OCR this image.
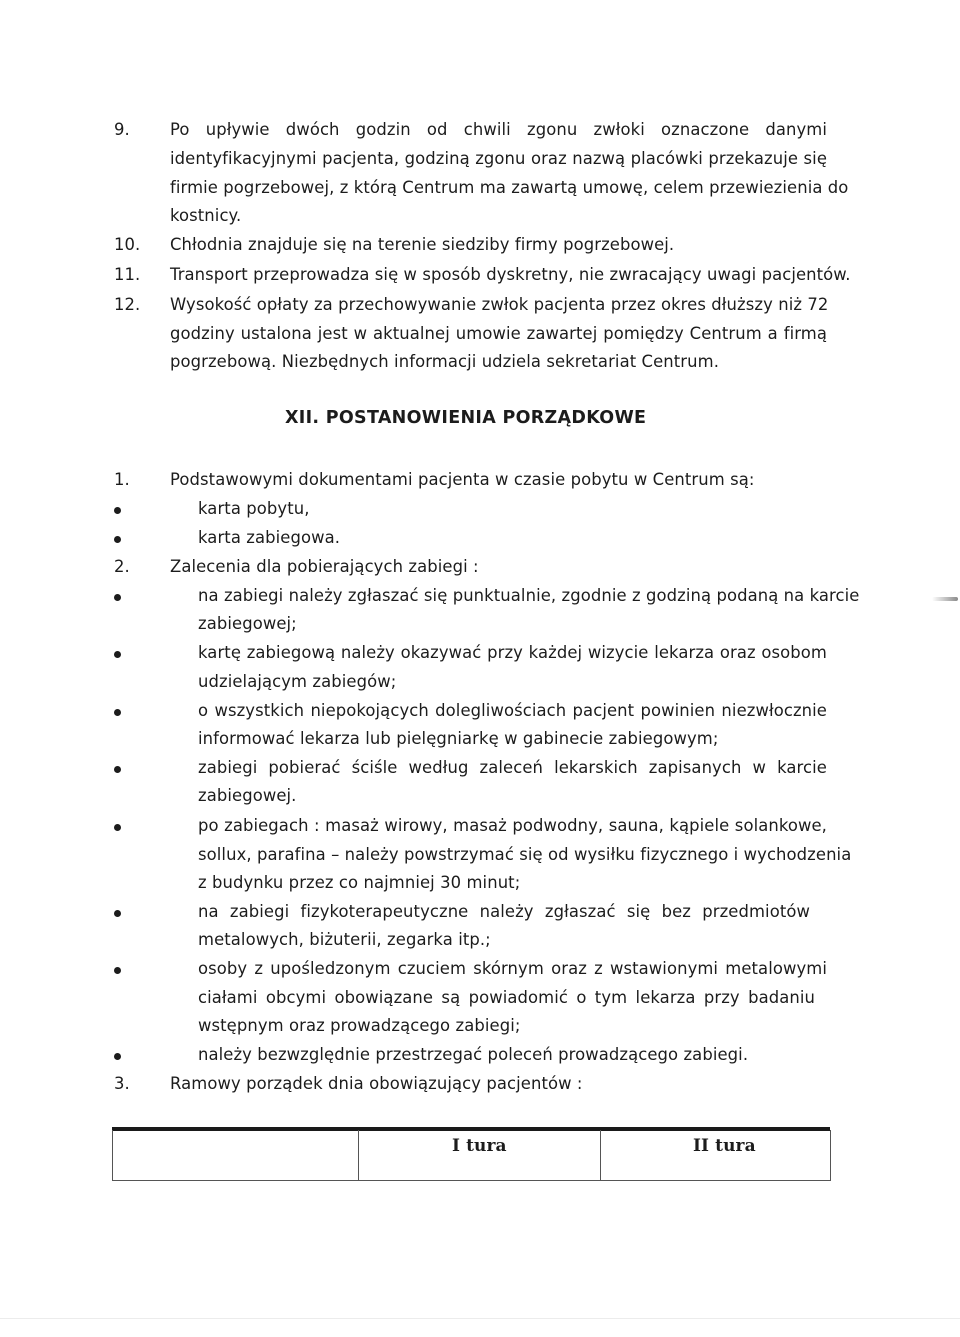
9. Po upływie dwóch godzin od chwili zgonu zwłoki oznaczone danymi
identyfikacyjnymi pacjenta, godziną zgonu oraz nazwą placówki przekazuje się
firmie pogrzebowej, z którą Centrum ma zawartą umowę, celem przewiezienia do
kostnicy.
10. Chłodnia znajduje się na terenie siedziby firmy pogrzebowej.
11. Transport przeprowadza się w sposób dyskretny, nie zwracający uwagi pacjentów.
12. Wysokość opłaty za przechowywanie zwłok pacjenta przez okres dłuższy niż 72
godziny ustalona jest w aktualnej umowie zawartej pomiędzy Centrum a firmą
pogrzebową. Niezbędnych informacji udziela sekretariat Centrum.
XII. POSTANOWIENIA PORZĄDKOWE
1. Podstawowymi dokumentami pacjenta w czasie pobytu w Centrum są:
karta pobytu,
karta zabiegowa.
2. Zalecenia dla pobierających zabiegi :
na zabiegi należy zgłaszać się punktualnie, zgodnie z godziną podaną na karcie
zabiegowej;
kartę zabiegową należy okazywać przy każdej wizycie lekarza oraz osobom
udzielającym zabiegów;
o wszystkich niepokojących dolegliwościach pacjent powinien niezwłocznie
informować lekarza lub pielęgniarkę w gabinecie zabiegowym;
zabiegi pobierać ściśle według zaleceń lekarskich zapisanych w karcie
zabiegowej.
po zabiegach : masaż wirowy, masaż podwodny, sauna, kąpiele solankowe,
sollux, parafina – należy powstrzymać się od wysiłku fizycznego i wychodzenia
z budynku przez co najmniej 30 minut;
na zabiegi fizykoterapeutyczne należy zgłaszać się bez przedmiotów
metalowych, biżuterii, zegarka itp.;
osoby z upośledzonym czuciem skórnym oraz z wstawionymi metalowymi
ciałami obcymi obowiązane są powiadomić o tym lekarza przy badaniu
wstępnym oraz prowadzącego zabiegi;
należy bezwzględnie przestrzegać poleceń prowadzącego zabiegi.
3. Ramowy porządek dnia obowiązujący pacjentów :
I tura	II tura
